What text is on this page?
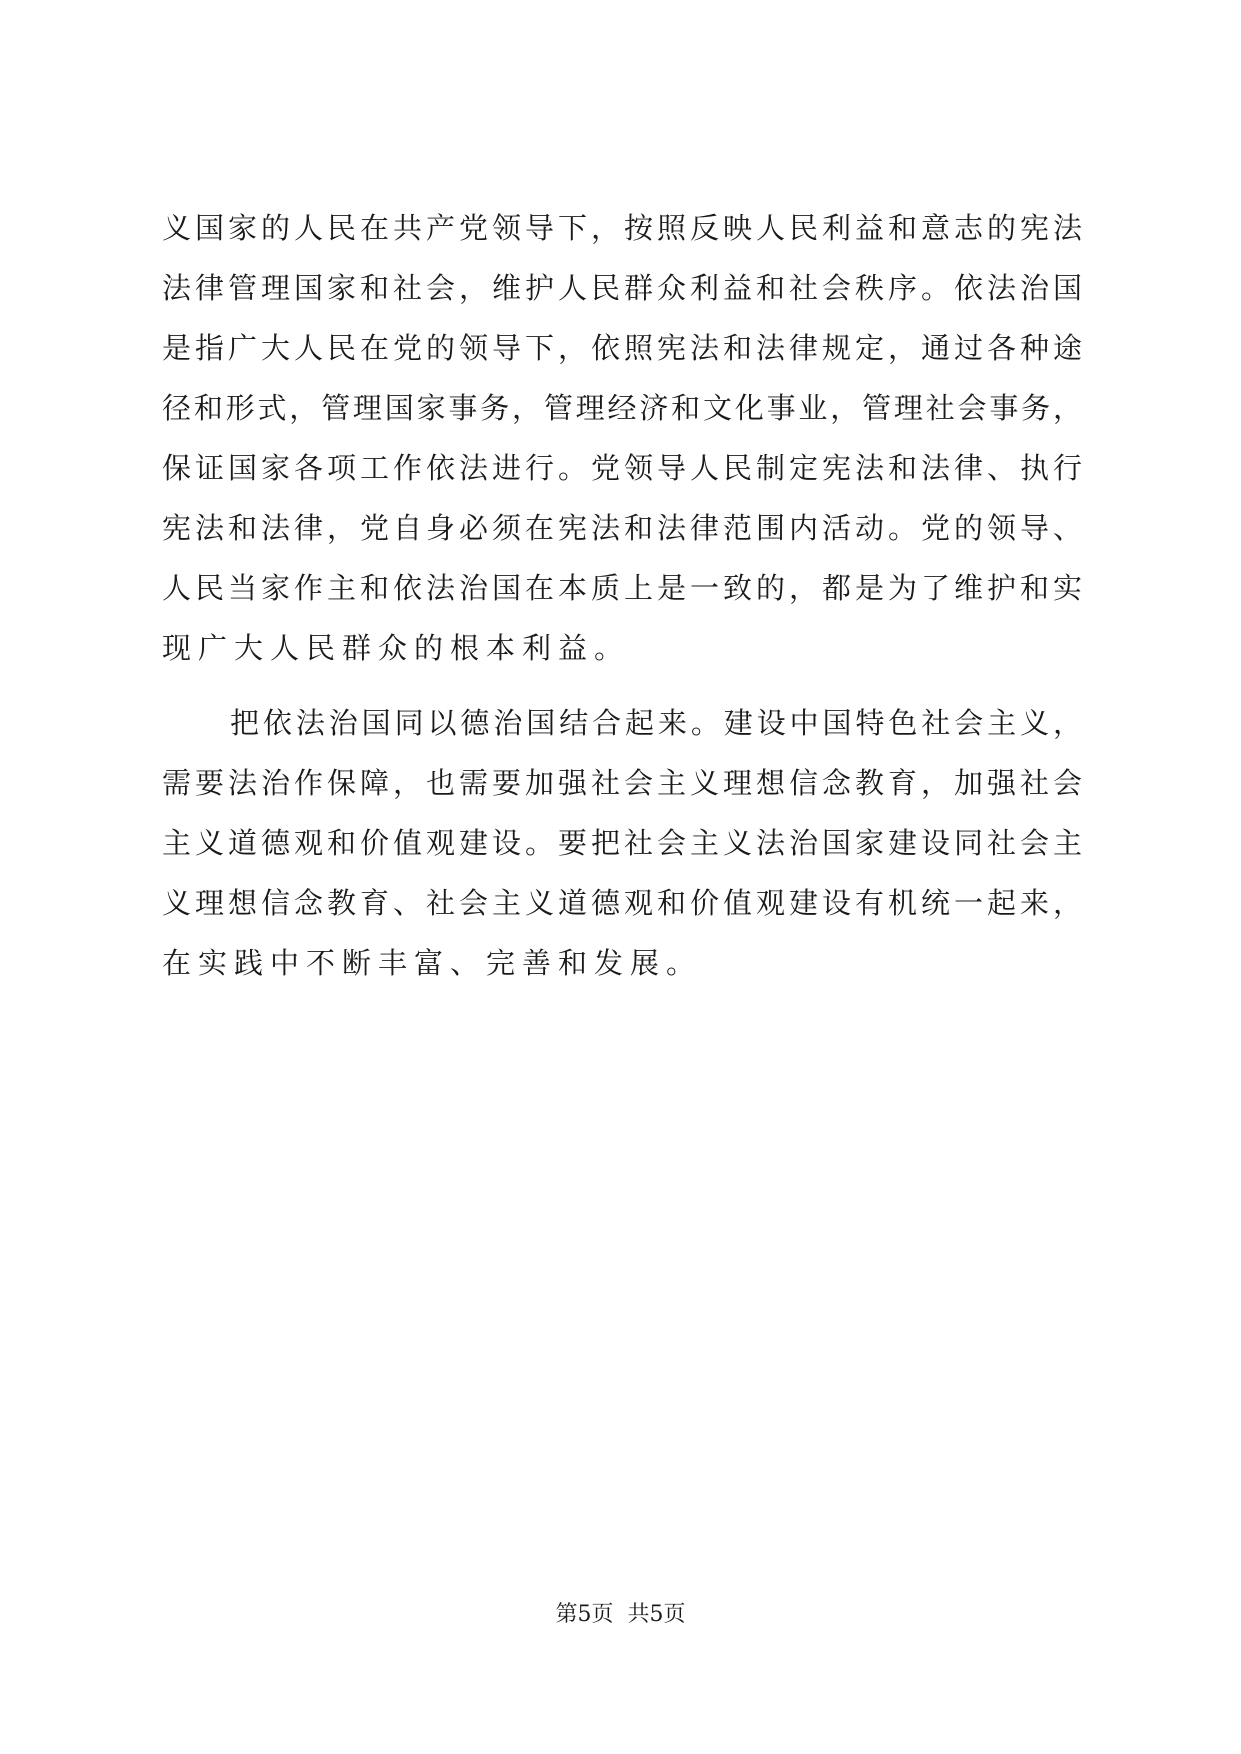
义国家的人民在共产党领导下，按照反映人民利益和意志的宪法
法律管理国家和社会，维护人民群众利益和社会秩序。依法治国
是指广大人民在党的领导下，依照宪法和法律规定，通过各种途
径和形式，管理国家事务，管理经济和文化事业，管理社会事务，
保证国家各项工作依法进行。党领导人民制定宪法和法律、执行
宪法和法律，党自身必须在宪法和法律范围内活动。党的领导、
人民当家作主和依法治国在本质上是一致的，都是为了维护和实
现广大人民群众的根本利益。
把依法治国同以德治国结合起来。建设中国特色社会主义，
需要法治作保障，也需要加强社会主义理想信念教育，加强社会
主义道德观和价值观建设。要把社会主义法治国家建设同社会主
义理想信念教育、社会主义道德观和价值观建设有机统一起来，
在实践中不断丰富、完善和发展。
第5页 共5页
